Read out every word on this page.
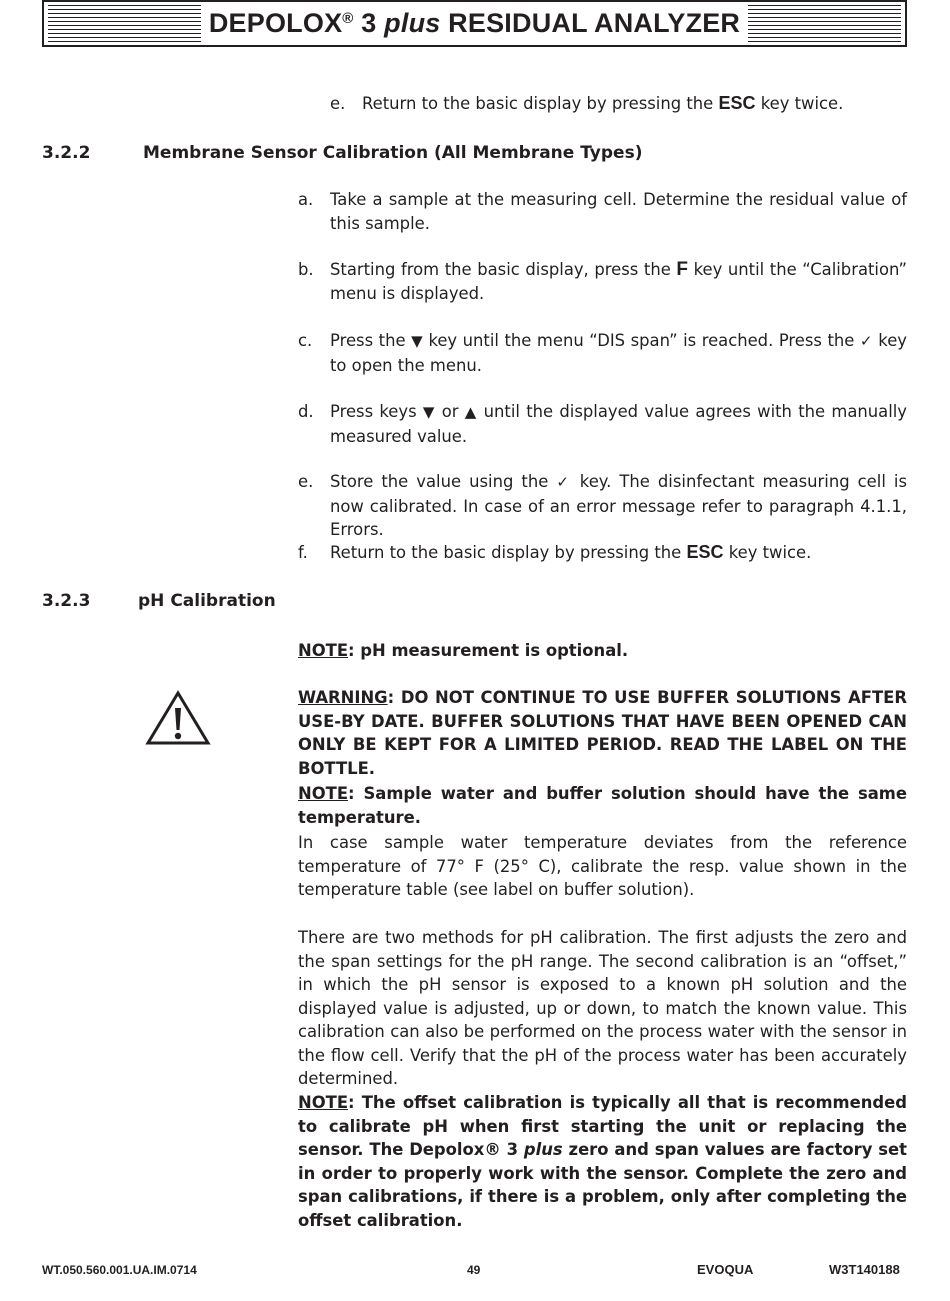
DEPOLOX® 3 plus RESIDUAL ANALYZER
e.	Return to the basic display by pressing the ESC key twice.
3.2.2	Membrane Sensor Calibration (All Membrane Types)
a.	Take a sample at the measuring cell. Determine the residual value of this sample.
b. Starting from the basic display, press the F key until the “Calibration” menu is displayed.
c.	Press the ▼ key until the menu “DIS span” is reached. Press the ✓ key to open the menu.
d. Press keys ▼ or ▲ until the displayed value agrees with the manually measured value.
e.	Store the value using the ✓ key. The disinfectant measuring cell is now calibrated. In case of an error message refer to paragraph 4.1.1, Errors.
f.	Return to the basic display by pressing the ESC key twice.
3.2.3	pH Calibration
NOTE: pH measurement is optional.
WARNING: DO NOT CONTINUE TO USE BUFFER SOLUTIONS AFTER USE-BY DATE. BUFFER SOLUTIONS THAT HAVE BEEN OPENED CAN ONLY BE KEPT FOR A LIMITED PERIOD. READ THE LABEL ON THE BOTTLE.
NOTE: Sample water and buffer solution should have the same temperature.
In case sample water temperature deviates from the reference temperature of 77° F (25° C), calibrate the resp. value shown in the temperature table (see label on buffer solution).
There are two methods for pH calibration. The first adjusts the zero and the span settings for the pH range. The second calibration is an “offset,” in which the pH sensor is exposed to a known pH solution and the displayed value is adjusted, up or down, to match the known value. This calibration can also be performed on the process water with the sensor in the flow cell. Verify that the pH of the process water has been accurately determined.
NOTE: The offset calibration is typically all that is recommended to calibrate pH when first starting the unit or replacing the sensor. The Depolox® 3 plus zero and span values are factory set in order to properly work with the sensor. Complete the zero and span calibrations, if there is a problem, only after completing the offset calibration.
WT.050.560.001.UA.IM.0714	49	EVOQUA	W3T140188
